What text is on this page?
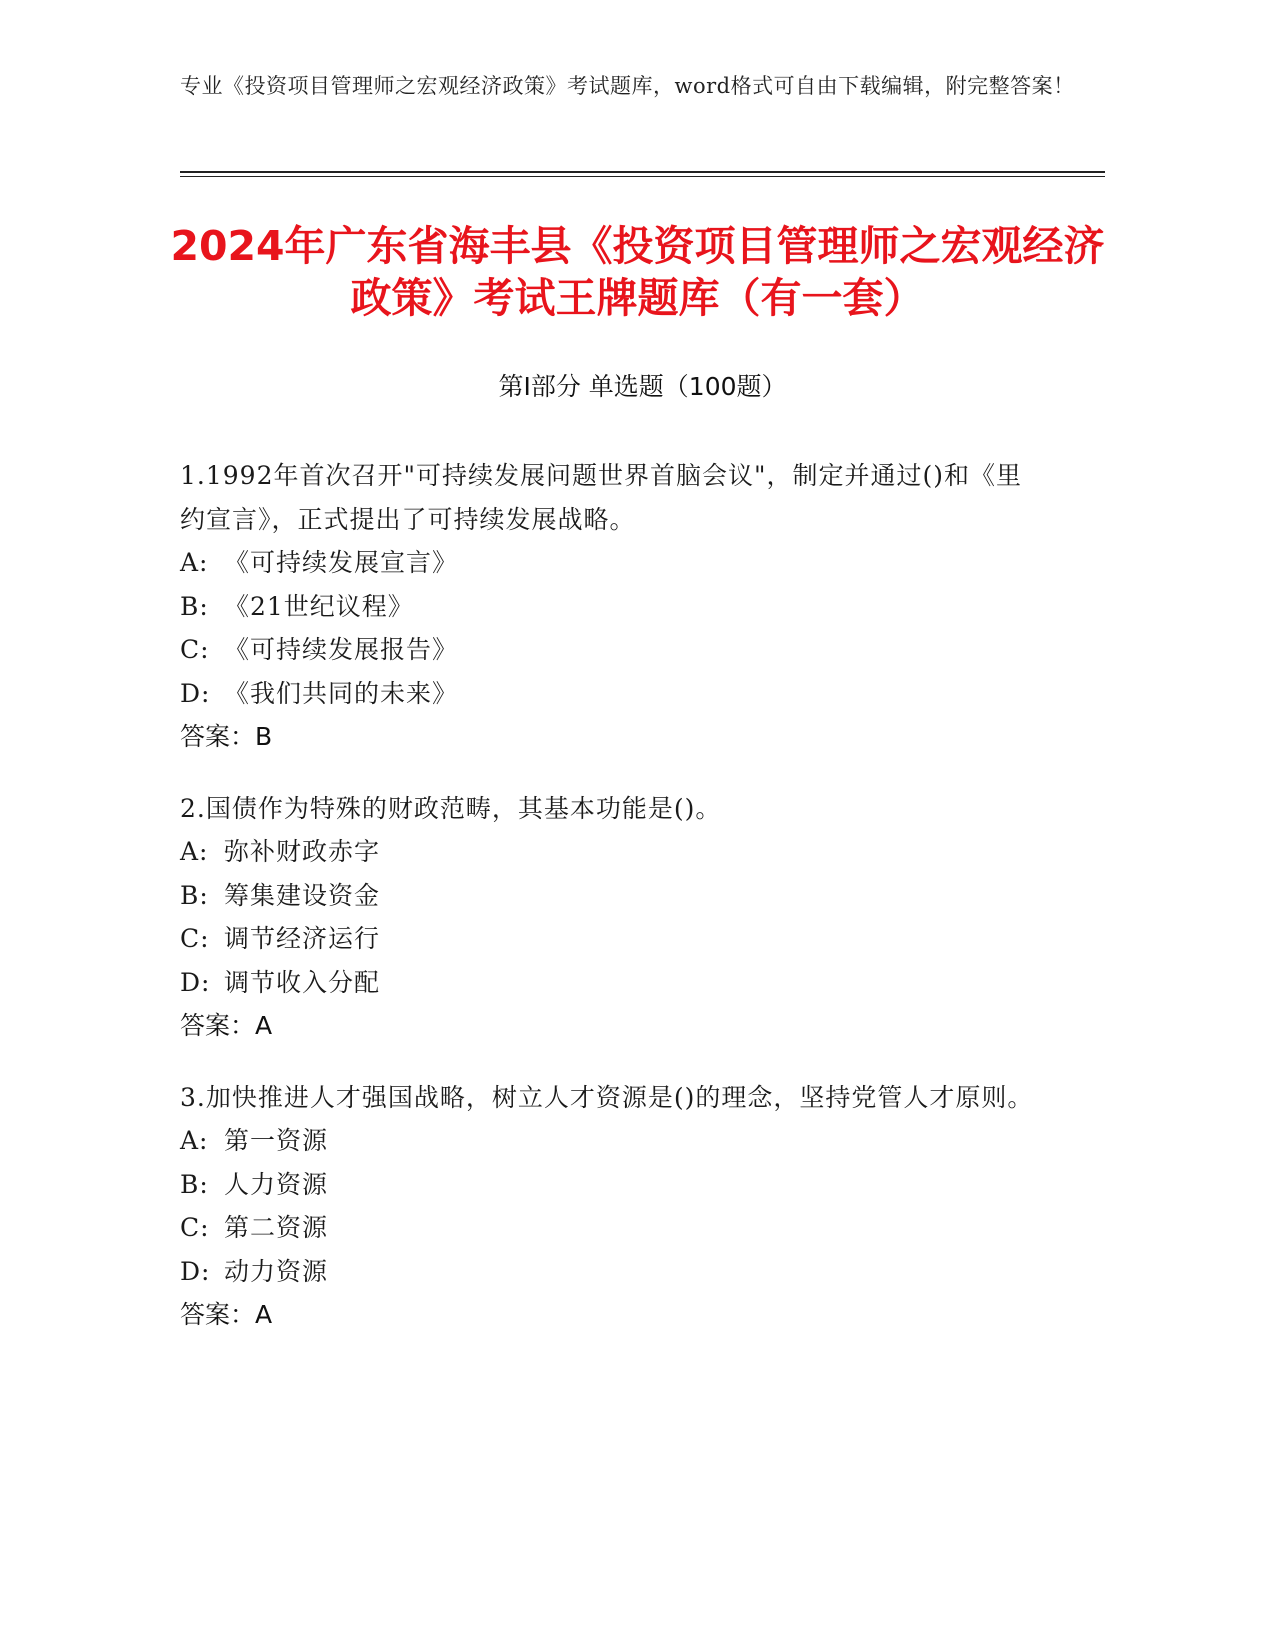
专业《投资项目管理师之宏观经济政策》考试题库，word格式可自由下载编辑，附完整答案！
2024年广东省海丰县《投资项目管理师之宏观经济政策》考试王牌题库（有一套）
第I部分 单选题（100题）
1.1992年首次召开"可持续发展问题世界首脑会议"，制定并通过()和《里约宣言》，正式提出了可持续发展战略。
A: 《可持续发展宣言》
B: 《21世纪议程》
C: 《可持续发展报告》
D: 《我们共同的未来》
答案：B
2.国债作为特殊的财政范畴，其基本功能是()。
A: 弥补财政赤字
B: 筹集建设资金
C: 调节经济运行
D: 调节收入分配
答案：A
3.加快推进人才强国战略，树立人才资源是()的理念，坚持党管人才原则。
A: 第一资源
B: 人力资源
C: 第二资源
D: 动力资源
答案：A
